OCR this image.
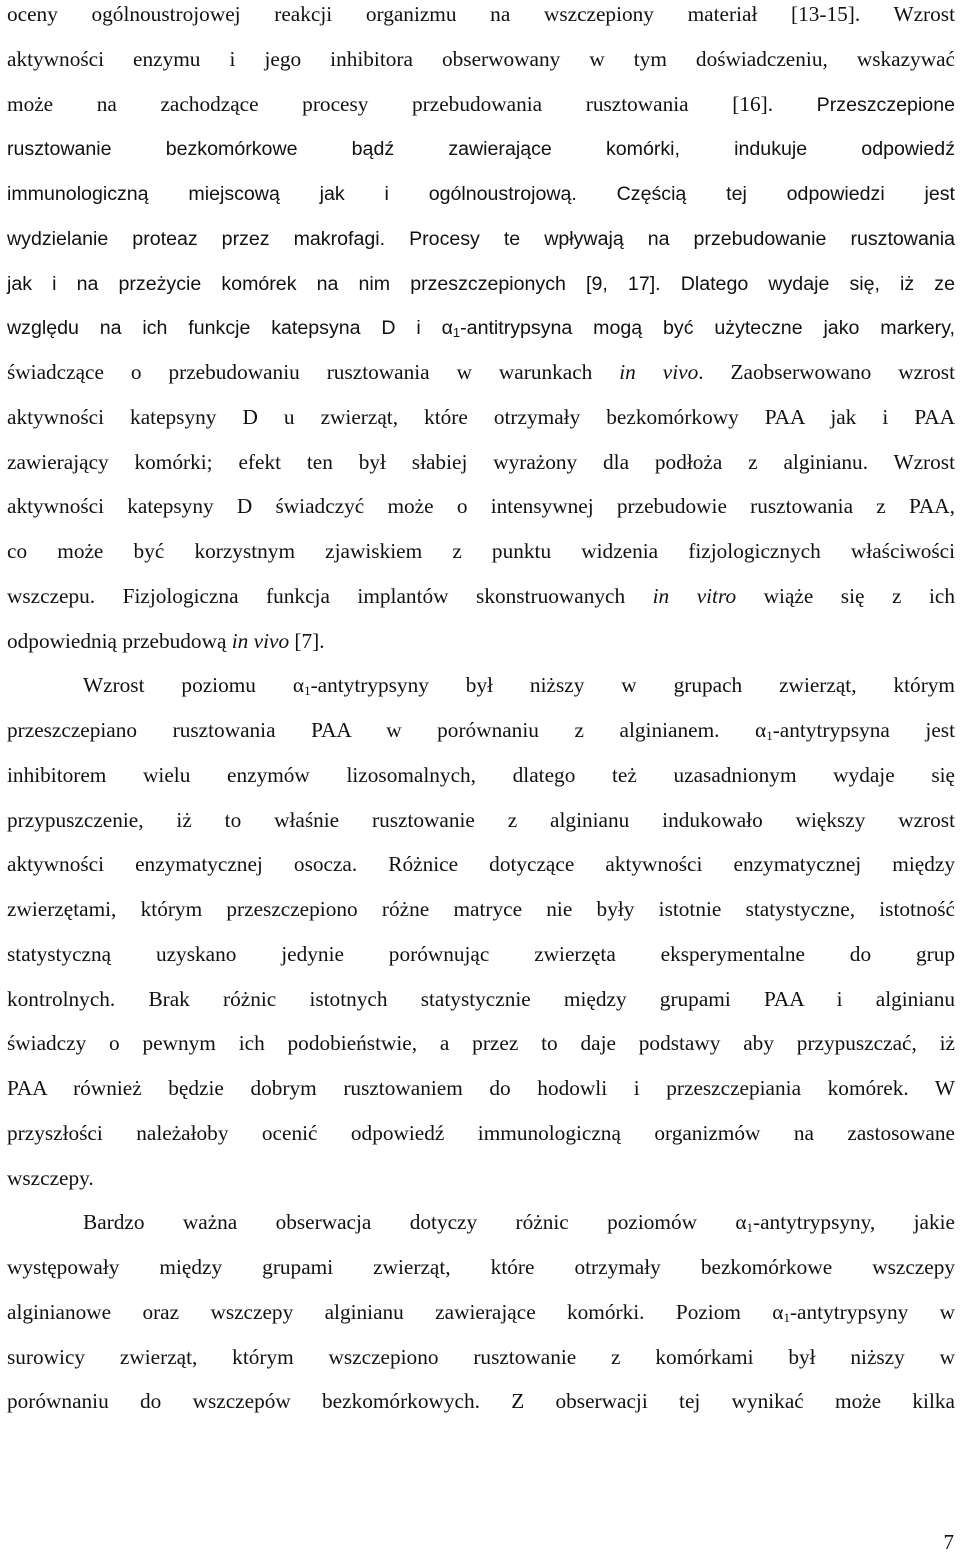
oceny ogólnoustrojowej reakcji organizmu na wszczepiony materiał [13-15]. Wzrost
aktywności enzymu i jego inhibitora obserwowany w tym doświadczeniu, wskazywać
może na zachodzące procesy przebudowania rusztowania [16]. Przeszczepione
rusztowanie bezkomórkowe bądź zawierające komórki, indukuje odpowiedź
immunologiczną miejscową jak i ogólnoustrojową. Częścią tej odpowiedzi jest
wydzielanie proteaz przez makrofagi. Procesy te wpływają na przebudowanie rusztowania
jak i na przeżycie komórek na nim przeszczepionych [9, 17]. Dlatego wydaje się, iż ze
względu na ich funkcje katepsyna D i $\alpha_1$-antitrypsyna mogą być użyteczne jako markery,
świadczące o przebudowaniu rusztowania w warunkach in vivo. Zaobserwowano wzrost
aktywności katepsyny D u zwierząt, które otrzymały bezkomórkowy PAA jak i PAA
zawierający komórki; efekt ten był słabiej wyrażony dla podłoża z alginianu. Wzrost
aktywności katepsyny D świadczyć może o intensywnej przebudowie rusztowania z PAA,
co może być korzystnym zjawiskiem z punktu widzenia fizjologicznych właściwości
wszczepu. Fizjologiczna funkcja implantów skonstruowanych in vitro wiąże się z ich
odpowiednią przebudową in vivo [7].
Wzrost poziomu $\alpha_1$-antytrypsyny był niższy w grupach zwierząt, którym
przeszczepiano rusztowania PAA w porównaniu z alginianem. $\alpha_1$-antytrypsyna jest
inhibitorem wielu enzymów lizosomalnych, dlatego też uzasadnionym wydaje się
przypuszczenie, iż to właśnie rusztowanie z alginianu indukowało większy wzrost
aktywności enzymatycznej osocza. Różnice dotyczące aktywności enzymatycznej między
zwierzętami, którym przeszczepiono różne matryce nie były istotnie statystyczne, istotność
statystyczną uzyskano jedynie porównując zwierzęta eksperymentalne do grup
kontrolnych. Brak różnic istotnych statystycznie między grupami PAA i alginianu
świadczy o pewnym ich podobieństwie, a przez to daje podstawy aby przypuszczać, iż
PAA również będzie dobrym rusztowaniem do hodowli i przeszczepiania komórek. W
przyszłości należałoby ocenić odpowiedź immunologiczną organizmów na zastosowane
wszczepy.
Bardzo ważna obserwacja dotyczy różnic poziomów $\alpha_1$-antytrypsyny, jakie
występowały między grupami zwierząt, które otrzymały bezkomórkowe wszczepy
alginianowe oraz wszczepy alginianu zawierające komórki. Poziom $\alpha_1$-antytrypsyny w
surowicy zwierząt, którym wszczepiono rusztowanie z komórkami był niższy w
porównaniu do wszczepów bezkomórkowych. Z obserwacji tej wynikać może kilka
7
